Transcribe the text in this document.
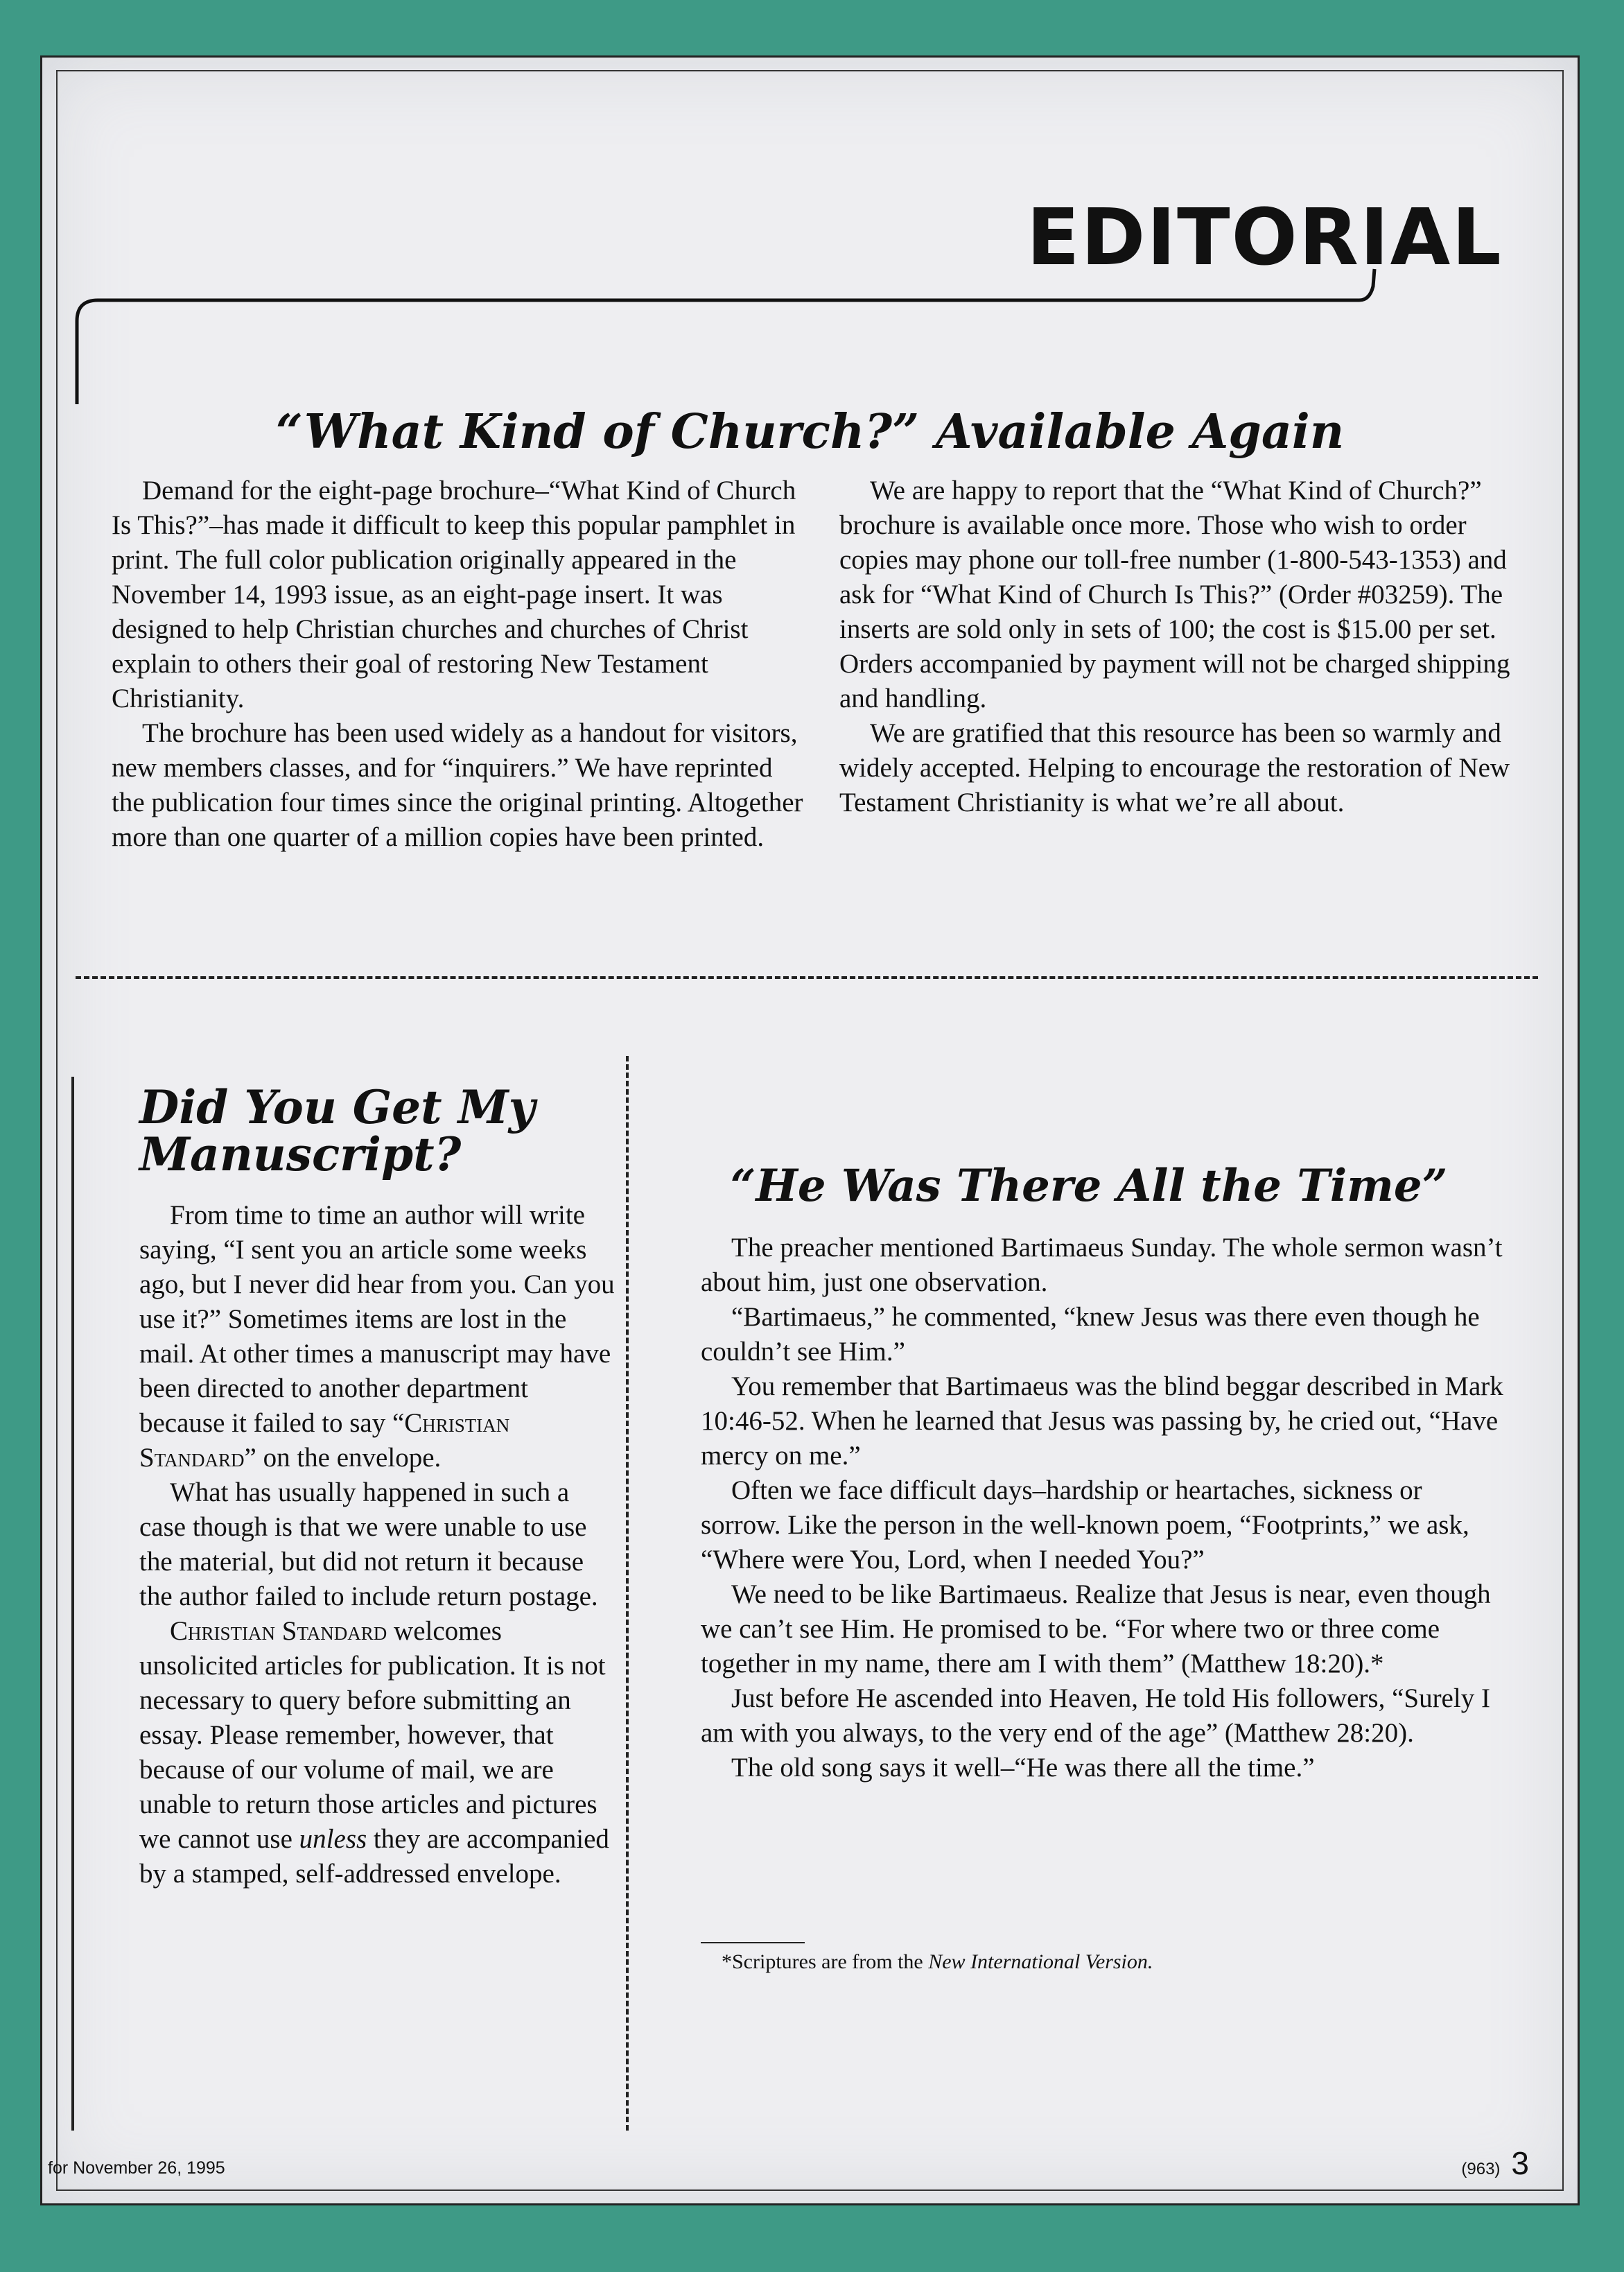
EDITORIAL
“What Kind of Church?” Available Again

Demand for the eight-page brochure–“What Kind of Church Is This?”–has made it difficult to keep this popular pamphlet in print. The full color publication originally appeared in the November 14, 1993 issue, as an eight-page insert. It was designed to help Christian churches and churches of Christ explain to others their goal of restoring New Testament Christianity.

The brochure has been used widely as a handout for visitors, new members classes, and for “inquirers.” We have reprinted the publication four times since the original printing. Altogether more than one quarter of a million copies have been printed.

We are happy to report that the “What Kind of Church?” brochure is available once more. Those who wish to order copies may phone our toll-free number (1-800-543-1353) and ask for “What Kind of Church Is This?” (Order #03259). The inserts are sold only in sets of 100; the cost is $15.00 per set. Orders accompanied by payment will not be charged shipping and handling.

We are gratified that this resource has been so warmly and widely accepted. Helping to encourage the restoration of New Testament Christianity is what we’re all about.

Did You Get My Manuscript?

From time to time an author will write saying, “I sent you an article some weeks ago, but I never did hear from you. Can you use it?” Sometimes items are lost in the mail. At other times a manuscript may have been directed to another department because it failed to say “Christian Standard” on the envelope.

What has usually happened in such a case though is that we were unable to use the material, but did not return it because the author failed to include return postage.

Christian Standard welcomes unsolicited articles for publication. It is not necessary to query before submitting an essay. Please remember, however, that because of our volume of mail, we are unable to return those articles and pictures we cannot use unless they are accompanied by a stamped, self-addressed envelope.

“He Was There All the Time”

The preacher mentioned Bartimaeus Sunday. The whole sermon wasn’t about him, just one observation.

“Bartimaeus,” he commented, “knew Jesus was there even though he couldn’t see Him.”

You remember that Bartimaeus was the blind beggar described in Mark 10:46-52. When he learned that Jesus was passing by, he cried out, “Have mercy on me.”

Often we face difficult days–hardship or heartaches, sickness or sorrow. Like the person in the well-known poem, “Footprints,” we ask, “Where were You, Lord, when I needed You?”

We need to be like Bartimaeus. Realize that Jesus is near, even though we can’t see Him. He promised to be. “For where two or three come together in my name, there am I with them” (Matthew 18:20).*

Just before He ascended into Heaven, He told His followers, “Surely I am with you always, to the very end of the age” (Matthew 28:20).

The old song says it well–“He was there all the time.”

*Scriptures are from the New International Version.
for November 26, 1995	(963) 3
